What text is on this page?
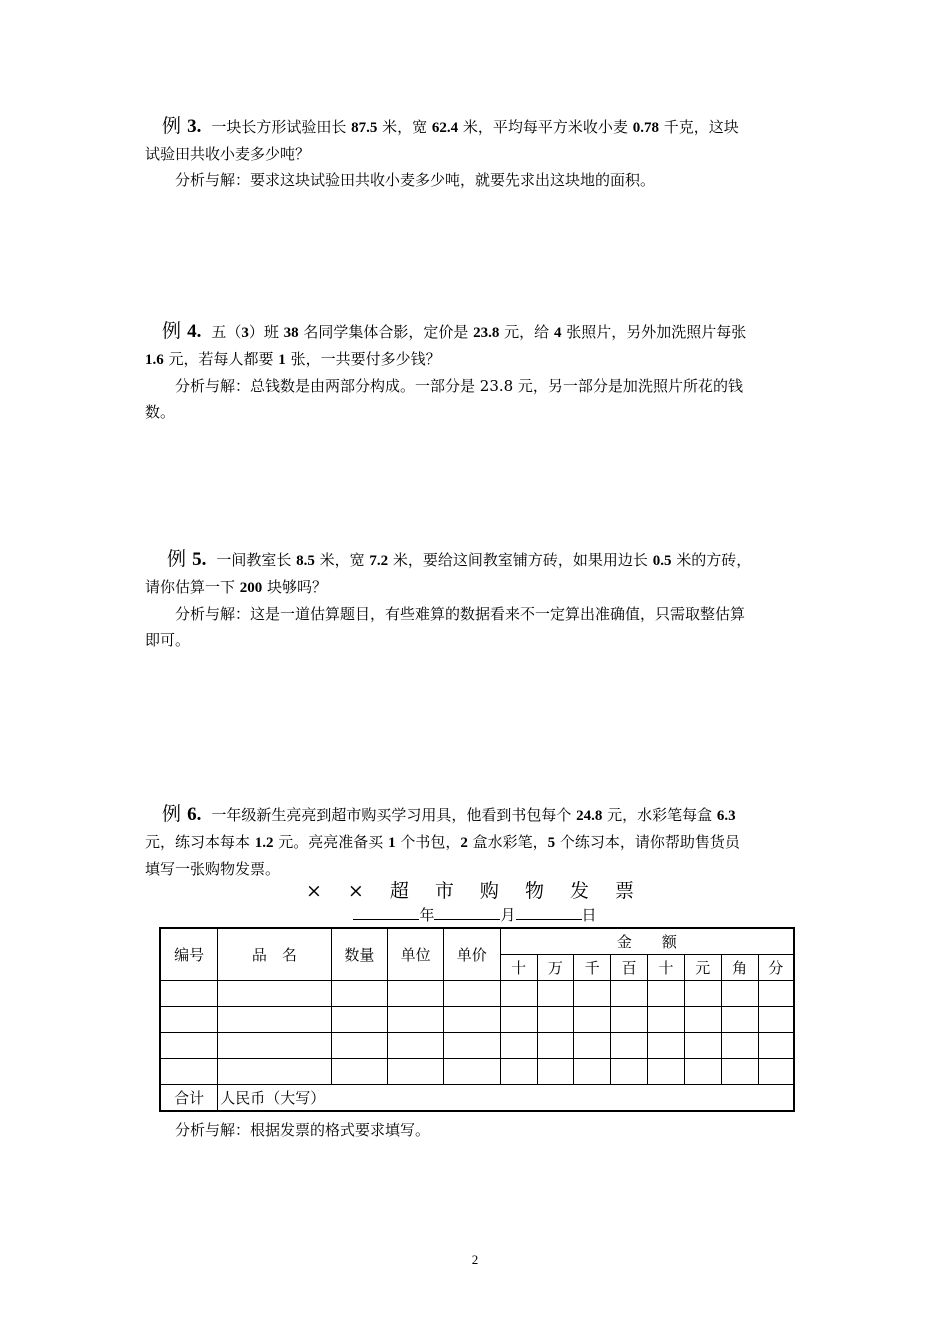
例 3. 一块长方形试验田长 87.5 米，宽 62.4 米，平均每平方米收小麦 0.78 千克，这块
试验田共收小麦多少吨？
分析与解：要求这块试验田共收小麦多少吨，就要先求出这块地的面积。
例 4. 五（3）班 38 名同学集体合影，定价是 23.8 元，给 4 张照片，另外加洗照片每张
1.6 元，若每人都要 1 张，一共要付多少钱？
分析与解：总钱数是由两部分构成。一部分是 23.8 元，另一部分是加洗照片所花的钱
数。
例 5. 一间教室长 8.5 米，宽 7.2 米，要给这间教室铺方砖，如果用边长 0.5 米的方砖，
请你估算一下 200 块够吗？
分析与解：这是一道估算题目，有些难算的数据看来不一定算出准确值，只需取整估算
即可。
例 6. 一年级新生亮亮到超市购买学习用具，他看到书包每个 24.8 元，水彩笔每盒 6.3
元，练习本每本 1.2 元。亮亮准备买 1 个书包，2 盒水彩笔，5 个练习本，请你帮助售货员
填写一张购物发票。
× × 超 市 购 物 发 票
年	月	日
编号	品　名	数量	单位	单价	金　　额							
					十	万	千	百	十	元	角	分

合计	人民币（大写）											
分析与解：根据发票的格式要求填写。
2
